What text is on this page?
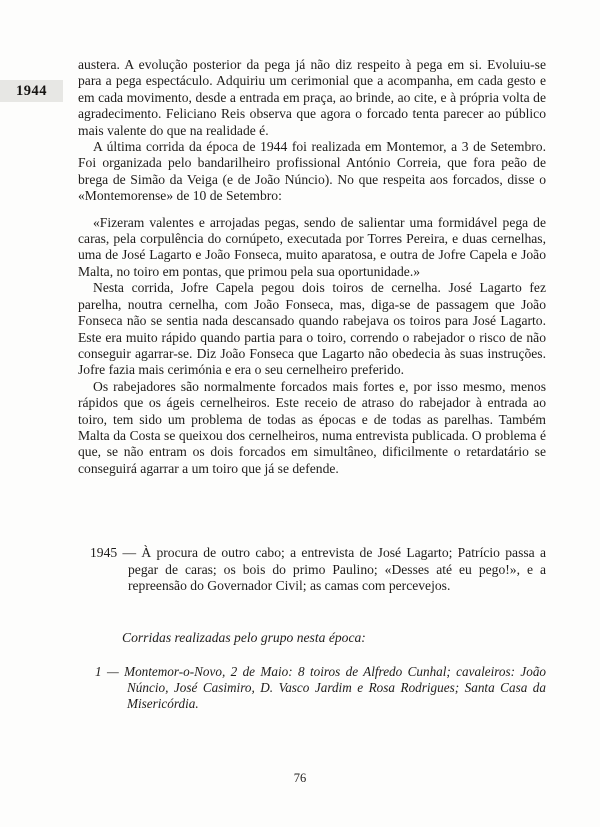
1944

austera. A evolução posterior da pega já não diz respeito à pega em si. Evoluiu-se para a pega espectáculo. Adquiriu um cerimonial que a acompanha, em cada gesto e em cada movimento, desde a entrada em praça, ao brinde, ao cite, e à própria volta de agradecimento. Feliciano Reis observa que agora o forcado tenta parecer ao público mais valente do que na realidade é.

A última corrida da época de 1944 foi realizada em Montemor, a 3 de Setembro. Foi organizada pelo bandarilheiro profissional António Correia, que fora peão de brega de Simão da Veiga (e de João Núncio). No que respeita aos forcados, disse o «Montemorense» de 10 de Setembro:

«Fizeram valentes e arrojadas pegas, sendo de salientar uma formidável pega de caras, pela corpulência do cornúpeto, executada por Torres Pereira, e duas cernelhas, uma de José Lagarto e João Fonseca, muito aparatosa, e outra de Jofre Capela e João Malta, no toiro em pontas, que primou pela sua oportunidade.»

Nesta corrida, Jofre Capela pegou dois toiros de cernelha. José Lagarto fez parelha, noutra cernelha, com João Fonseca, mas, diga-se de passagem que João Fonseca não se sentia nada descansado quando rabejava os toiros para José Lagarto. Este era muito rápido quando partia para o toiro, correndo o rabejador o risco de não conseguir agarrar-se. Diz João Fonseca que Lagarto não obedecia às suas instruções. Jofre fazia mais cerimónia e era o seu cernelheiro preferido.

Os rabejadores são normalmente forcados mais fortes e, por isso mesmo, menos rápidos que os ágeis cernelheiros. Este receio de atraso do rabejador à entrada ao toiro, tem sido um problema de todas as épocas e de todas as parelhas. Também Malta da Costa se queixou dos cernelheiros, numa entrevista publicada. O problema é que, se não entram os dois forcados em simultâneo, dificilmente o retardatário se conseguirá agarrar a um toiro que já se defende.

1945 — À procura de outro cabo; a entrevista de José Lagarto; Patrício passa a pegar de caras; os bois do primo Paulino; «Desses até eu pego!», e a repreensão do Governador Civil; as camas com percevejos.
Corridas realizadas pelo grupo nesta época:
1 — Montemor-o-Novo, 2 de Maio: 8 toiros de Alfredo Cunhal; cavaleiros: João Núncio, José Casimiro, D. Vasco Jardim e Rosa Rodrigues; Santa Casa da Misericórdia.
76
